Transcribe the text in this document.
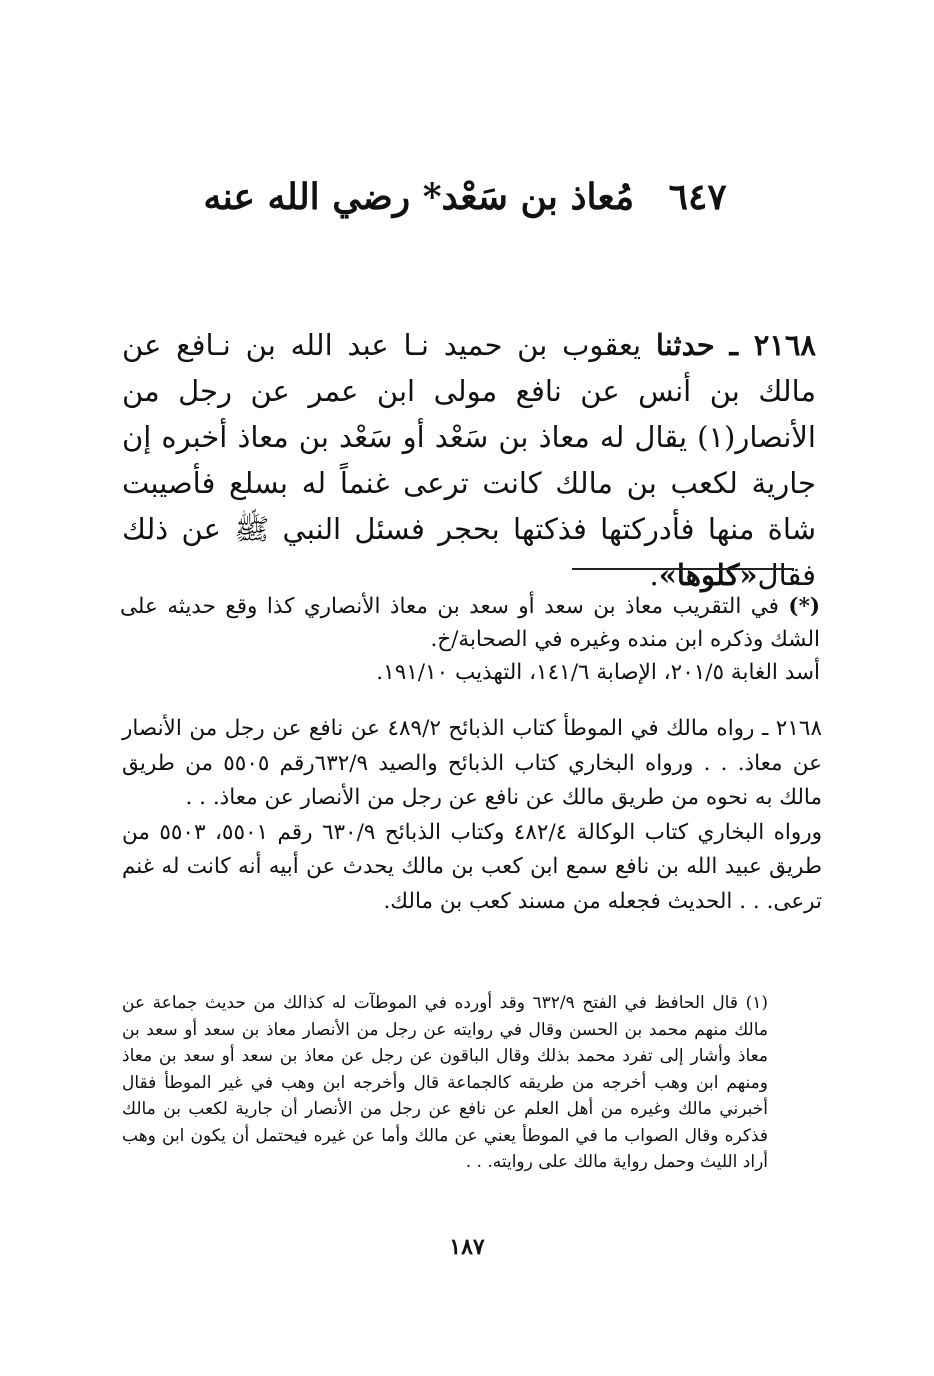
٦٤٧ مُعاذ بن سَعْد* رضي الله عنه

٢١٦٨ ـ حدثنا يعقوب بن حميد نـا عبد الله بن نـافع عن مالك بن أنس عن نافع مولى ابن عمر عن رجل من الأنصار(١) يقال له معاذ بن سَعْد أو سَعْد بن معاذ أخبره إن جارية لكعب بن مالك كانت ترعى غنماً له بسلع فأصيبت شاة منها فأدركتها فذكتها بحجر فسئل النبي ﷺ عن ذلك فقال«كلوها».

(*) في التقريب معاذ بن سعد أو سعد بن معاذ الأنصاري كذا وقع حديثه على الشك وذكره ابن منده وغيره في الصحابة/خ.

أسد الغابة ٢٠١/٥، الإصابة ١٤١/٦، التهذيب ١٩١/١٠.

٢١٦٨ ـ رواه مالك في الموطأ كتاب الذبائح ٤٨٩/٢ عن نافع عن رجل من الأنصار عن معاذ. . . ورواه البخاري كتاب الذبائح والصيد ٦٣٢/٩رقم ٥٥٠٥ من طريق مالك به نحوه من طريق مالك عن نافع عن رجل من الأنصار عن معاذ. . .

ورواه البخاري كتاب الوكالة ٤٨٢/٤ وكتاب الذبائح ٦٣٠/٩ رقم ٥٥٠١، ٥٥٠٣ من طريق عبيد الله بن نافع سمع ابن كعب بن مالك يحدث عن أبيه أنه كانت له غنم ترعى. . . الحديث فجعله من مسند كعب بن مالك.

(١) قال الحافظ في الفتح ٦٣٢/٩ وقد أورده في الموطآت له كذالك من حديث جماعة عن مالك منهم محمد بن الحسن وقال في روايته عن رجل من الأنصار معاذ بن سعد أو سعد بن معاذ وأشار إلى تفرد محمد بذلك وقال الباقون عن رجل عن معاذ بن سعد أو سعد بن معاذ ومنهم ابن وهب أخرجه من طريقه كالجماعة قال وأخرجه ابن وهب في غير الموطأ فقال أخبرني مالك وغيره من أهل العلم عن نافع عن رجل من الأنصار أن جارية لكعب بن مالك فذكره وقال الصواب ما في الموطأ يعني عن مالك وأما عن غيره فيحتمل أن يكون ابن وهب أراد الليث وحمل رواية مالك على روايته. . .

١٨٧
